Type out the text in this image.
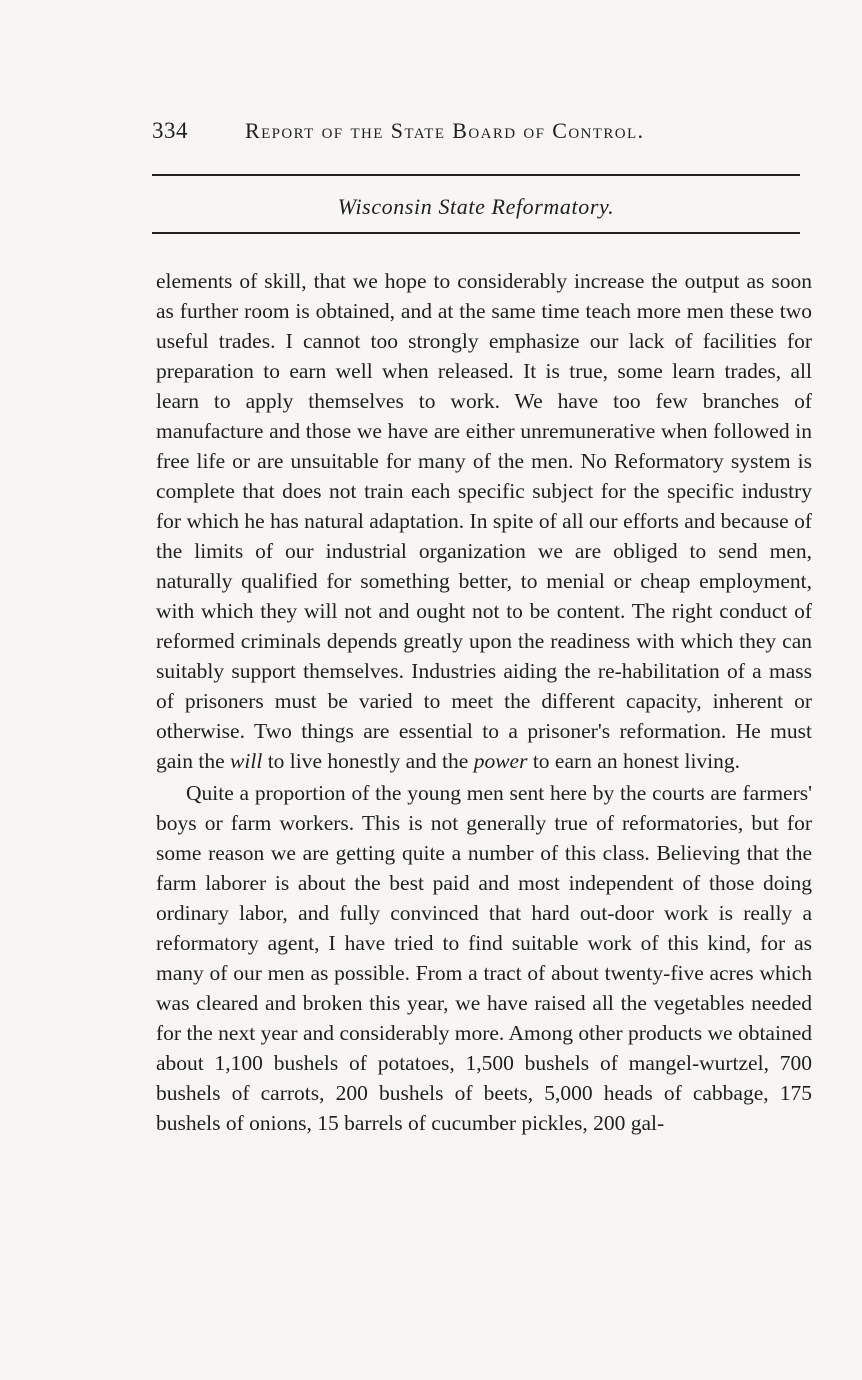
334	Report of the State Board of Control.
Wisconsin State Reformatory.

elements of skill, that we hope to considerably increase the output as soon as further room is obtained, and at the same time teach more men these two useful trades. I cannot too strongly emphasize our lack of facilities for preparation to earn well when released. It is true, some learn trades, all learn to apply themselves to work. We have too few branches of manufacture and those we have are either unremunerative when followed in free life or are unsuitable for many of the men. No Reformatory system is complete that does not train each specific subject for the specific industry for which he has natural adaptation. In spite of all our efforts and because of the limits of our industrial organization we are obliged to send men, naturally qualified for something better, to menial or cheap employment, with which they will not and ought not to be content. The right conduct of reformed criminals depends greatly upon the readiness with which they can suitably support themselves. Industries aiding the re-habilitation of a mass of prisoners must be varied to meet the different capacity, inherent or otherwise. Two things are essential to a prisoner's reformation. He must gain the will to live honestly and the power to earn an honest living.

Quite a proportion of the young men sent here by the courts are farmers' boys or farm workers. This is not generally true of reformatories, but for some reason we are getting quite a number of this class. Believing that the farm laborer is about the best paid and most independent of those doing ordinary labor, and fully convinced that hard out-door work is really a reformatory agent, I have tried to find suitable work of this kind, for as many of our men as possible. From a tract of about twenty-five acres which was cleared and broken this year, we have raised all the vegetables needed for the next year and considerably more. Among other products we obtained about 1,100 bushels of potatoes, 1,500 bushels of mangel-wurtzel, 700 bushels of carrots, 200 bushels of beets, 5,000 heads of cabbage, 175 bushels of onions, 15 barrels of cucumber pickles, 200 gal-
